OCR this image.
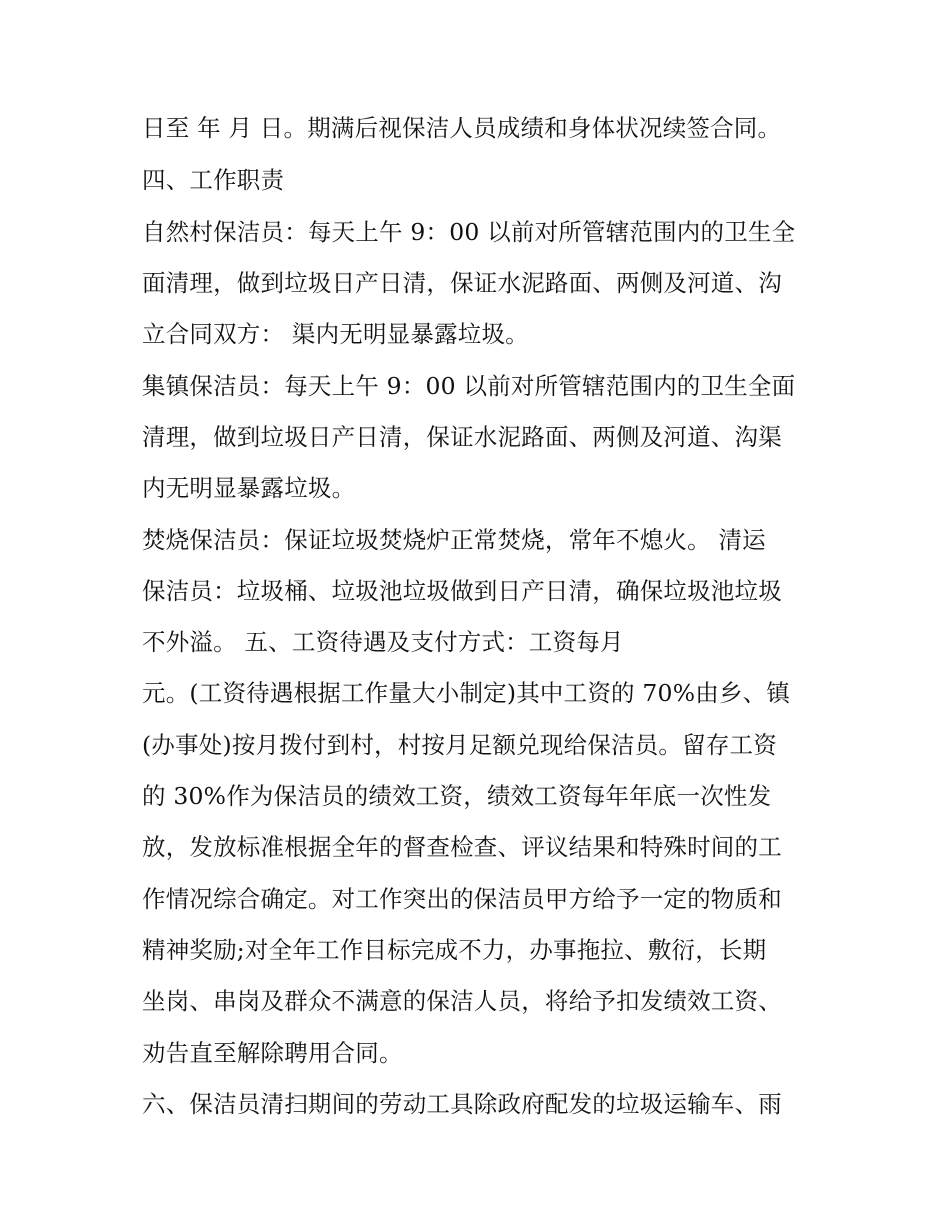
日至 年 月 日。期满后视保洁人员成绩和身体状况续签合同。
四、工作职责
自然村保洁员：每天上午 9：00 以前对所管辖范围内的卫生全
面清理，做到垃圾日产日清，保证水泥路面、两侧及河道、沟
立合同双方： 渠内无明显暴露垃圾。
集镇保洁员：每天上午 9：00 以前对所管辖范围内的卫生全面
清理，做到垃圾日产日清，保证水泥路面、两侧及河道、沟渠
内无明显暴露垃圾。
焚烧保洁员：保证垃圾焚烧炉正常焚烧，常年不熄火。 清运
保洁员：垃圾桶、垃圾池垃圾做到日产日清，确保垃圾池垃圾
不外溢。 五、工资待遇及支付方式：工资每月
元。(工资待遇根据工作量大小制定)其中工资的 70%由乡、镇
(办事处)按月拨付到村，村按月足额兑现给保洁员。留存工资
的 30%作为保洁员的绩效工资，绩效工资每年年底一次性发
放，发放标准根据全年的督查检查、评议结果和特殊时间的工
作情况综合确定。对工作突出的保洁员甲方给予一定的物质和
精神奖励;对全年工作目标完成不力，办事拖拉、敷衍，长期
坐岗、串岗及群众不满意的保洁人员，将给予扣发绩效工资、
劝告直至解除聘用合同。
六、保洁员清扫期间的劳动工具除政府配发的垃圾运输车、雨
